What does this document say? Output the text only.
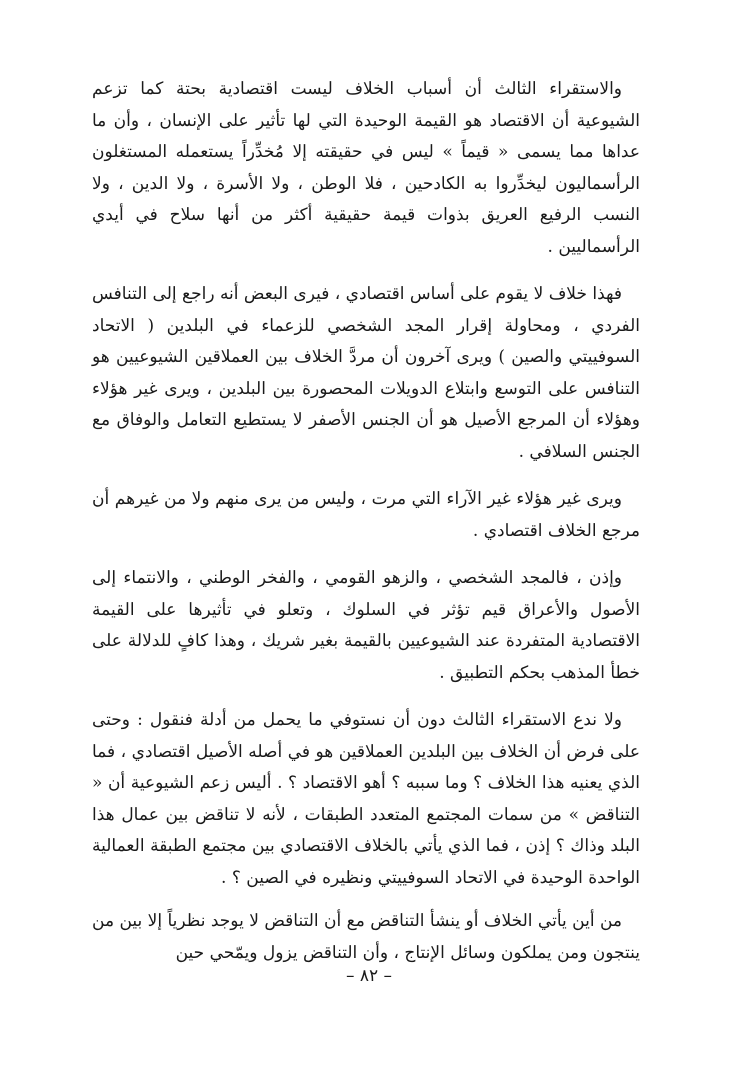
والاستقراء الثالث أن أسباب الخلاف ليست اقتصادية بحتة كما تزعم الشيوعية أن الاقتصاد هو القيمة الوحيدة التي لها تأثير على الإنسان ، وأن ما عداها مما يسمى « قيماً » ليس في حقيقته إلا مُخدِّراً يستعمله المستغلون الرأسماليون ليخدِّروا به الكادحين ، فلا الوطن ، ولا الأسرة ، ولا الدين ، ولا النسب الرفيع العريق بذوات قيمة حقيقية أكثر من أنها سلاح في أيدي الرأسماليين .

فهذا خلاف لا يقوم على أساس اقتصادي ، فيرى البعض أنه راجع إلى التنافس الفردي ، ومحاولة إقرار المجد الشخصي للزعماء في البلدين ( الاتحاد السوفييتي والصين ) ويرى آخرون أن مردَّ الخلاف بين العملاقين الشيوعيين هو التنافس على التوسع وابتلاع الدويلات المحصورة بين البلدين ، ويرى غير هؤلاء وهؤلاء أن المرجع الأصيل هو أن الجنس الأصفر لا يستطيع التعامل والوفاق مع الجنس السلافي .

ويرى غير هؤلاء غير الآراء التي مرت ، وليس من يرى منهم ولا من غيرهم أن مرجع الخلاف اقتصادي .

وإذن ، فالمجد الشخصي ، والزهو القومي ، والفخر الوطني ، والانتماء إلى الأصول والأعراق قيم تؤثر في السلوك ، وتعلو في تأثيرها على القيمة الاقتصادية المتفردة عند الشيوعيين بالقيمة بغير شريك ، وهذا كافٍ للدلالة على خطأ المذهب بحكم التطبيق .

ولا ندع الاستقراء الثالث دون أن نستوفي ما يحمل من أدلة فنقول : وحتى على فرض أن الخلاف بين البلدين العملاقين هو في أصله الأصيل اقتصادي ، فما الذي يعنيه هذا الخلاف ؟ وما سببه ؟ أهو الاقتصاد ؟ . أليس زعم الشيوعية أن « التناقض » من سمات المجتمع المتعدد الطبقات ، لأنه لا تناقض بين عمال هذا البلد وذاك ؟ إذن ، فما الذي يأتي بالخلاف الاقتصادي بين مجتمع الطبقة العمالية الواحدة الوحيدة في الاتحاد السوفييتي ونظيره في الصين ؟ .

من أين يأتي الخلاف أو ينشأ التناقض مع أن التناقض لا يوجد نظرياً إلا بين من ينتجون ومن يملكون وسائل الإنتاج ، وأن التناقض يزول ويمّحي حين

– ٨٢ –
